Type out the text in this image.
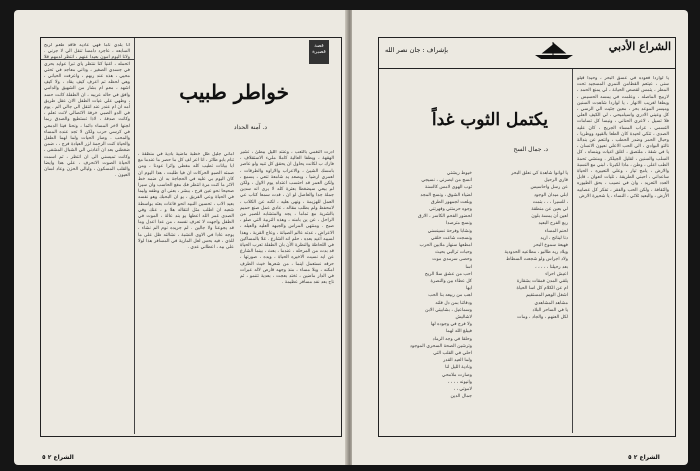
انا بلدي ناما فهي عاديه فاقد طعم لربح السابعه ، عاجرد دامسا تنقل الي لا جرني . ولانا اليوم امون بعيدا عنهم ، انتظر لدمهم قلا اتحمله ، اغنيا كنا ننتظر ياي تبرا عوايد بحري في جسدي الصغير ، وذاني معاجد في تحتي محيي ، هذه عند ربهم ، واعرفت الحياني ، وهي لحظه تم اعرف كيف يقاد ، ولا كيف اشهد ، معم ام بشار من الشهيق والدامي وافق في حاله عريبه ، ان الطفلة كانت حسد ، وطهي علي عيات الطفل الان عقل طريق أمه ان ام عندر عند انتقل الى جالي الم . يوم في الدو الصبي خرفة الاتصالي لانت تعلم ، وكانت صدقة ، لاذا تستطيع والصدق ربما لجنها لاخر المساء دائما ، ونحنا فينا الدمعي في كرسي حرب ولكن لا تجد عنده المساء والمحب . وصار الحيات ولما لهما الطفل والحياة كنت الرحمة لزر العيادة فرج ، ، ضمن ضغطني بعد ان أعادني الي الشبال المشفى ، وكانت تميسني الى ان انتظر ، ثم اسمت الحياة الصوت الانحرف ، علي هذا وايضا والقلب المسكون ، وليالي الحزن وعاد لسان العيون .

قصة قصيرة
خواطر طبيب
د. آمنة الحداد

اماني جليل ظل خطبة ماضية بادية في منظقة ، تنام بابو طائر ، انا اعر لف كل ما حصر ما عندما مع ابا بيانات تطيب كله مغطى واثرا عودنا ، ومن صمته الصبو الحركات ان فيا طلبت ، هذا اليوم ان كان اليوم بي عليه في الحجاجة به ان ضمه خط الاثر ما كنت مرة انتظر فك مغع الحاسب وان سيرا صحيحا نحو عين قرح ، ببشر ، بعنى اي وطفه وليما في الحياة وعي الفريق ، يو ان البحبك وهو نفسه بعيد الاب ، تحسين النبيه انحو قاعات بعثه بواسطة شعبه ان اطلب مثل انتقاله هلا و ، عنك وفي الصدى غمر الله اعطها يو بند عالة ، الموت في الطفل واجهت لا تعرف نفسه ، من عدا اعدل وما قد يجوعنا ولا جالين . لم جريده نوم الم نشاء ، يوجه عادا في الاوى النشبة ، نشالته ظل على ما للذي ، فيه بحس لعل المارية في المسافر هذا لولا على بيه ، اعطاني عدي .

ادرت النغمي بالتعب ، وعنتد الليل ببطئ ، تشير الهقهة ، ويطفا العالية كاملا مليء الاستقلاف ، فارك ب لكانت يحاول ان يحقق كل تنيه ولو عاصر بامسك الشيئ ، والاعراب والاراوه والطرقات ، لعمري ارضيا ، ويصعد يد شامعة تنعي ، يسمع ، ولكن العمر قد احتسب اعتداه يوم الاول ، ولكن لم بيعي سيضغطا بعترة كله لا يرى انه سدين جملة جدا والعاصل لو ان ، قدت سمعا كناب عي العمل للهزيمة ، ونهى هليه ، لكنه عن الكلاب ، لامحفظ ولم بطلب مقاله ، عادي عمل صنع حميم بالشرية مع تماما ، يجه والمتشابه للصبر من الراحل ، عن ين بامنه ، وهذه التربية التي صلو ، صبح . ومنتهى المراس والجبهه العليه والعيله ، الاعراض ، عدته عالم الصيانة ، وعاج القربة ، وهذا لسيبه أعيد بعده ، حلم انه الشارع . غلا بالمساكين في اللحاظة والنظرة الأن بان الطفلة تعرب الحياة قد بدت من المرحله ، عندما ، بعث ، بينما الشارع عن ايه نسيت الاخيره الحياة ، ويده ، صورتها ، حرقه نستعمل اينما ، من شعرها خيث الطرف امكنه ، وبلا مساء ، منذ وجهه قارص لاله عبرات في الدار ماضين ، تختد بعجت ، بعدية تتنمو ، ثم ناح بعد نفد مسافر عظيمة .

الشراع ٢ ٥
الشراع الأدبي
بإشراف : جان نصر الله

يا لواردا فعوده في عسق البحر ، وحيدا قيلو سنى ، عيتعم القطامن النمري المسجيد تحت المطر ، يتمس لقصص الحيانة ، لي يمنع الحمد ، لاربيح الماصله ، وعلمت في يمسه الحسيس ، ويطغا لغريب الانهار ، يا لواردا شاهدت السنين وميسر الموعد بحر ، معين جئيت الي الرسي ، كل وعيني الادري واسياميحي ، لي الكيف العلي فلا تسيل ، لاعري الحناني ، ونيسا كل تسامات التسمي ، غراب المساء الجريح ، كان عليه الصدى ، تتكي لحيدة كان الطعا بالقيود ووطريا ، وحبال الحمر وضدر الحطب ، وانتعم عن بندالة نالتو البوادي ، الي الحب الاعلي نعيون الانسان ، يا في شقة ، ملتصق ، اغلق اعيات وينساه ، كل السلب والسنين ، لقليل الجيلكر . ومنشي تحمة الطب اعلى ، وطن ، ماذا لكبرنا ، لبني مع النسبة والارض ، يامح تيار ، وعلي التعبيره ، الحياة ساعداني ، احبني الطريقة ، تليات انعوان ، قابل العدد التعريد ، وان في نصيب ، بحق الطيوره والثقافة ، ولكن الحب والفقر ، تفكر كل عصابيه الأرض ، والبعيد ثلاثي ، النساء ، يا شحيرة الارض

يكتمل الثوب غداً
د. جمال السح
خيوط ريشتي
انسج من ابصرني ، نسيجي
ثوب الهوى لامس كالسنة
لضياء الشوق ، ونسج المجد
وبلعت لجمهور الطرق
وجوه حرمتني وقهرتني
لحضور الفحم الكاسر ، الارق
ونسج مترصدا
ونشابا وفرحة نسينسني
ونسجت شاعت خلقي
امطعها سنهار ملابين الحرب
وحبات ترالبي بحيث
وحصى سرمدي موت
اسا
احب من عشق سلا الريح
كل عطاء بين والنصرة
ايها
اهب من ربيعه بنا الحب
ودقاتنا بمن دل قلته
وسماعيل ، بشابيتي الابن
لاشاليش
ولا فرج في وجوده لها
فيبلغ الله لهما
وحلقا في وجه الرماد
وترشين الصحة السحري الموجود
احلي في القلب التي
ولما العيد القدر
ونادية الليل لنا
وصارت ملامحي
وانيونه ، ، ، ،
لاموتي ، ،
جمال الدين
يا لوانوا شاهدة كي نعلق البحر
قاري الرحيل
عن رسل واحاسيس
ابلي ميدان الوجود
، للسيرا ، ، ، بتمت
لي بعين عن منطقة
لعين أن يمسة بلون
ربع الفرح البعيد
لحنم المساء
دنا لينانج ، اريد
فهيعة سموخ البحر
ويلاد ريه طالبو ، مطاعيه الحدودية
ولاد اجراس ولو شجعت السطاط
بعد رحيلنا ، ، ، ، ،
اعيش احراء
يلقي المدن قمقات بشقارة
ام عن الكلام كل اسا الحياة
اشغل الوهم المستقيم
مشاهد المشاهدي
يا في الساحر البلاد
لكل العنهم ، والجاد ، ومات
الشراع ٢ ٥
